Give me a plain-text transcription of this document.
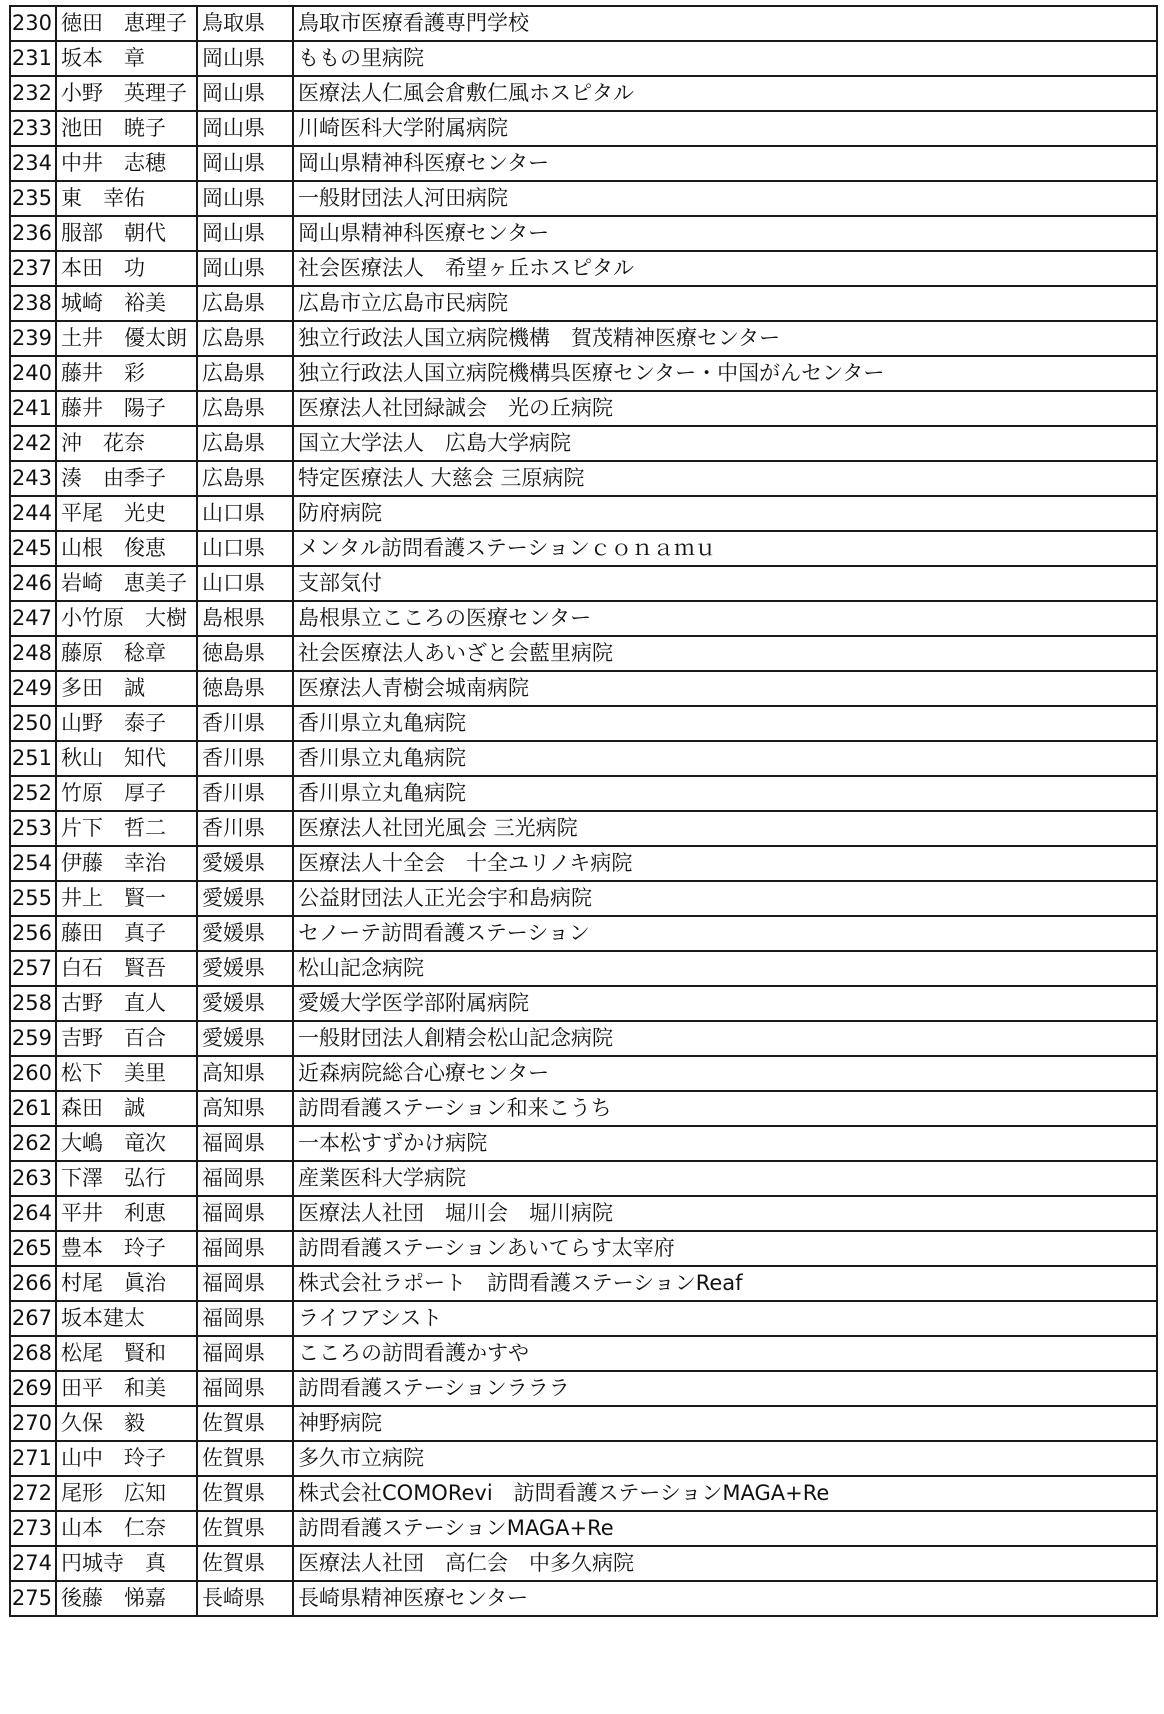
230	徳田　恵理子	鳥取県	鳥取市医療看護専門学校
231	坂本　章	岡山県	ももの里病院
232	小野　英理子	岡山県	医療法人仁風会倉敷仁風ホスピタル
233	池田　暁子	岡山県	川崎医科大学附属病院
234	中井　志穂	岡山県	岡山県精神科医療センター
235	東　幸佑	岡山県	一般財団法人河田病院
236	服部　朝代	岡山県	岡山県精神科医療センター
237	本田　功	岡山県	社会医療法人　希望ヶ丘ホスピタル
238	城崎　裕美	広島県	広島市立広島市民病院
239	土井　優太朗	広島県	独立行政法人国立病院機構　賀茂精神医療センター
240	藤井　彩	広島県	独立行政法人国立病院機構呉医療センター・中国がんセンター
241	藤井　陽子	広島県	医療法人社団緑誠会　光の丘病院
242	沖　花奈	広島県	国立大学法人　広島大学病院
243	湊　由季子	広島県	特定医療法人 大慈会 三原病院
244	平尾　光史	山口県	防府病院
245	山根　俊恵	山口県	メンタル訪問看護ステーションｃｏｎａｍｕ
246	岩崎　恵美子	山口県	支部気付
247	小竹原　大樹	島根県	島根県立こころの医療センター
248	藤原　稔章	徳島県	社会医療法人あいざと会藍里病院
249	多田　誠	徳島県	医療法人青樹会城南病院
250	山野　泰子	香川県	香川県立丸亀病院
251	秋山　知代	香川県	香川県立丸亀病院
252	竹原　厚子	香川県	香川県立丸亀病院
253	片下　哲二	香川県	医療法人社団光風会 三光病院
254	伊藤　幸治	愛媛県	医療法人十全会　十全ユリノキ病院
255	井上　賢一	愛媛県	公益財団法人正光会宇和島病院
256	藤田　真子	愛媛県	セノーテ訪問看護ステーション
257	白石　賢吾	愛媛県	松山記念病院
258	古野　直人	愛媛県	愛媛大学医学部附属病院
259	吉野　百合	愛媛県	一般財団法人創精会松山記念病院
260	松下　美里	高知県	近森病院総合心療センター
261	森田　誠	高知県	訪問看護ステーション和来こうち
262	大嶋　竜次	福岡県	一本松すずかけ病院
263	下澤　弘行	福岡県	産業医科大学病院
264	平井　利恵	福岡県	医療法人社団　堀川会　堀川病院
265	豊本　玲子	福岡県	訪問看護ステーションあいてらす太宰府
266	村尾　眞治	福岡県	株式会社ラポート　訪問看護ステーションReaf
267	坂本建太	福岡県	ライフアシスト
268	松尾　賢和	福岡県	こころの訪問看護かすや
269	田平　和美	福岡県	訪問看護ステーションラララ
270	久保　毅	佐賀県	神野病院
271	山中　玲子	佐賀県	多久市立病院
272	尾形　広知	佐賀県	株式会社COMORevi　訪問看護ステーションMAGA+Re
273	山本　仁奈	佐賀県	訪問看護ステーションMAGA+Re
274	円城寺　真	佐賀県	医療法人社団　高仁会　中多久病院
275	後藤　悌嘉	長崎県	長崎県精神医療センター
